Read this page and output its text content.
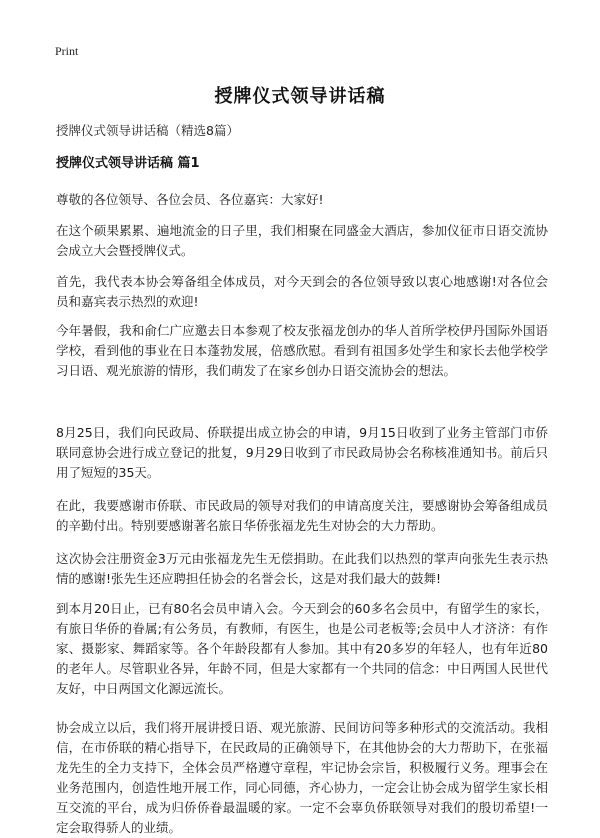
Print
授牌仪式领导讲话稿
授牌仪式领导讲话稿（精选8篇）
授牌仪式领导讲话稿 篇1

尊敬的各位领导、各位会员、各位嘉宾：大家好!

在这个硕果累累、遍地流金的日子里，我们相聚在同盛金大酒店，参加仪征市日语交流协会成立大会暨授牌仪式。

首先，我代表本协会筹备组全体成员，对今天到会的各位领导致以衷心地感谢!对各位会员和嘉宾表示热烈的欢迎!

今年暑假，我和俞仁广应邀去日本参观了校友张福龙创办的华人首所学校伊丹国际外国语学校，看到他的事业在日本蓬勃发展，倍感欣慰。看到有祖国多处学生和家长去他学校学习日语、观光旅游的情形，我们萌发了在家乡创办日语交流协会的想法。

8月25日，我们向民政局、侨联提出成立协会的申请，9月15日收到了业务主管部门市侨联同意协会进行成立登记的批复，9月29日收到了市民政局协会名称核准通知书。前后只用了短短的35天。

在此，我要感谢市侨联、市民政局的领导对我们的申请高度关注，要感谢协会筹备组成员的辛勤付出。特别要感谢著名旅日华侨张福龙先生对协会的大力帮助。

这次协会注册资金3万元由张福龙先生无偿捐助。在此我们以热烈的掌声向张先生表示热情的感谢!张先生还应聘担任协会的名誉会长，这是对我们最大的鼓舞!

到本月20日止，已有80名会员申请入会。今天到会的60多名会员中，有留学生的家长，有旅日华侨的眷属;有公务员，有教师，有医生，也是公司老板等;会员中人才济济：有作家、摄影家、舞蹈家等。各个年龄段都有人参加。其中有20多岁的年轻人，也有年近80的老年人。尽管职业各异，年龄不同，但是大家都有一个共同的信念：中日两国人民世代友好，中日两国文化源远流长。

协会成立以后，我们将开展讲授日语、观光旅游、民间访问等多种形式的交流活动。我相信，在市侨联的精心指导下，在民政局的正确领导下，在其他协会的大力帮助下，在张福龙先生的全力支持下，全体会员严格遵守章程，牢记协会宗旨，积极履行义务。理事会在业务范围内，创造性地开展工作，同心同德，齐心协力，一定会让协会成为留学生家长相互交流的平台，成为归侨侨眷最温暖的家。一定不会辜负侨联领导对我们的殷切希望!一定会取得骄人的业绩。
